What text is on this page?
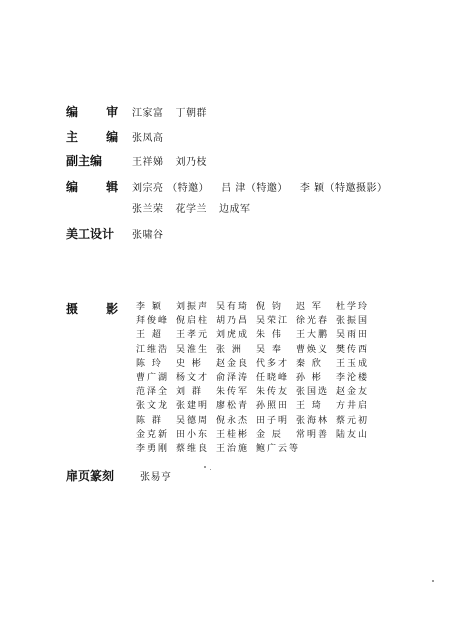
编 审 江家富 丁朝群
主 编 张凤高
副主编	王祥娣 刘乃枝
编 辑 刘宗亮 （特邀） 吕 津（特邀） 李 颖（特邀摄影）
张兰荣 花学兰 边成军
美工设计	张啸谷
摄 影 李 颖	刘振声 吴有琦 倪 钧	迟 军	杜学玲
拜俊峰 倪启柱 胡乃昌 吴荣江 徐光春 张振国
王 超	王孝元 刘虎成 朱 伟	王大鹏 吴雨田
江维浩 吴淮生 张 洲	吴 奉	曹焕义 樊传西
陈 玲	史 彬	赵金良 代多才 秦 欣	王玉成
曹广湖 杨文才 俞泽涛 任晓峰 孙 彬	李沦楼
范泽全 刘 群	朱传军 朱传友 张国选 赵金友
张文龙 张建明 廖松青 孙照田 王 琦	方井启
陈 群	吴德周 倪永杰 田子明 张海林 蔡元初
金克新 田小东 王桂彬 金 辰	常明善 陆友山
李勇刚 蔡维良 王治施 鲍广云等
扉页篆刻	张易亨
